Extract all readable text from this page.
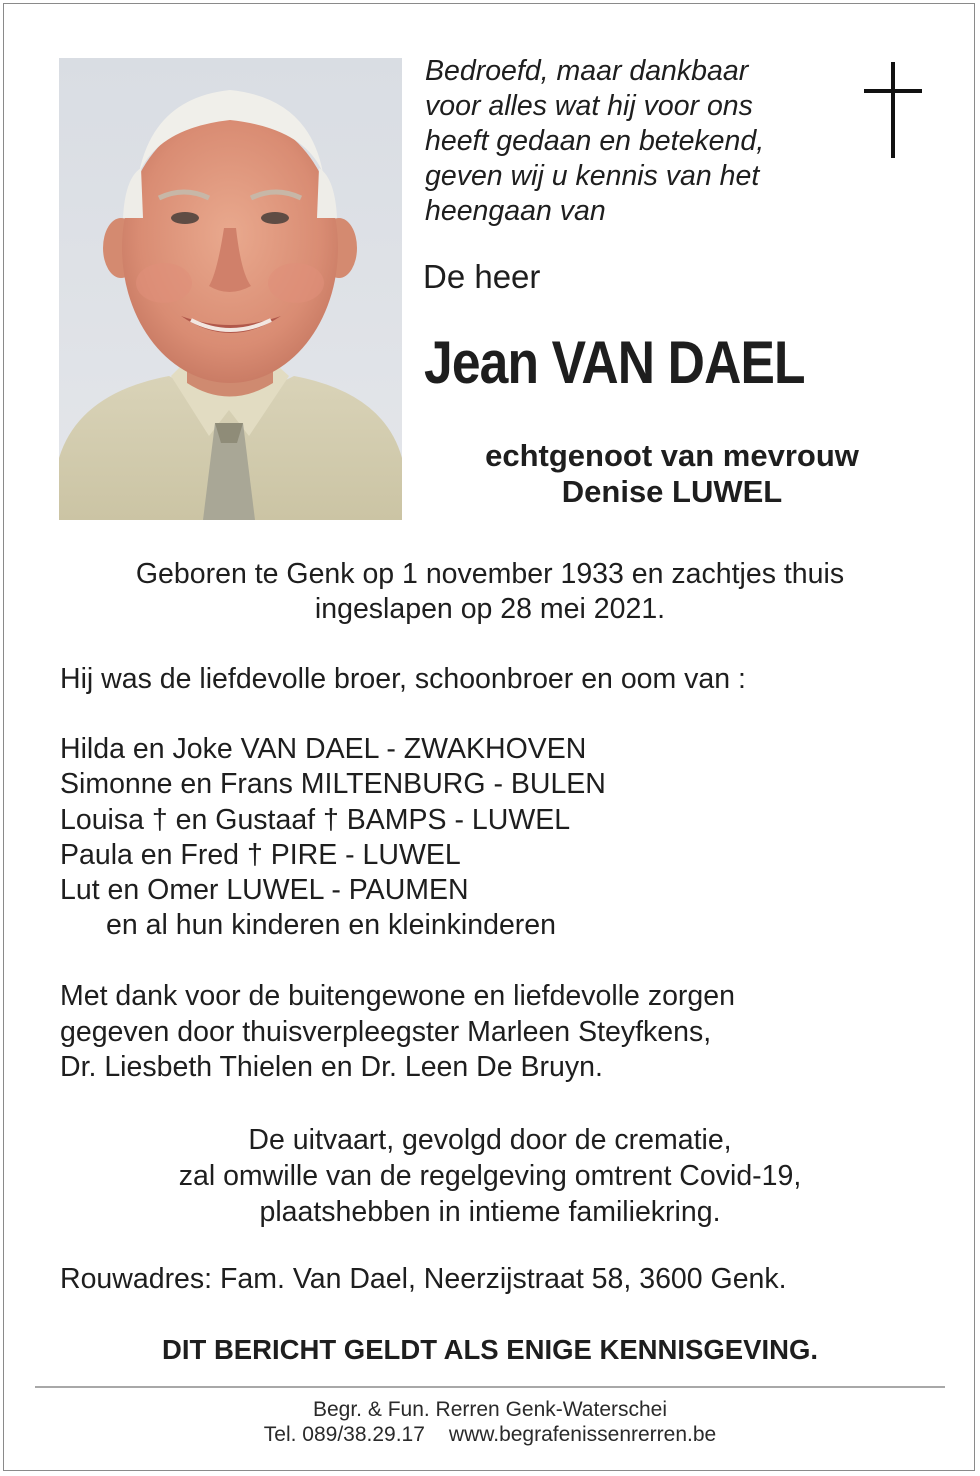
Bedroefd, maar dankbaar
voor alles wat hij voor ons
heeft gedaan en betekend,
geven wij u kennis van het
heengaan van

De heer

Jean VAN DAEL
echtgenoot van mevrouw
Denise LUWEL
Geboren te Genk op 1 november 1933 en zachtjes thuis
ingeslapen op 28 mei 2021.

Hij was de liefdevolle broer, schoonbroer en oom van :

Hilda en Joke VAN DAEL - ZWAKHOVEN
Simonne en Frans MILTENBURG - BULEN
Louisa † en Gustaaf † BAMPS - LUWEL
Paula en Fred † PIRE - LUWEL
Lut en Omer LUWEL - PAUMEN
en al hun kinderen en kleinkinderen
Met dank voor de buitengewone en liefdevolle zorgen
gegeven door thuisverpleegster Marleen Steyfkens,
Dr. Liesbeth Thielen en Dr. Leen De Bruyn.
De uitvaart, gevolgd door de crematie,
zal omwille van de regelgeving omtrent Covid-19,
plaatshebben in intieme familiekring.

Rouwadres: Fam. Van Dael, Neerzijstraat 58, 3600 Genk.

DIT BERICHT GELDT ALS ENIGE KENNISGEVING.

Begr. & Fun. Rerren Genk-Waterschei
Tel. 089/38.29.17 www.begrafenissenrerren.be
